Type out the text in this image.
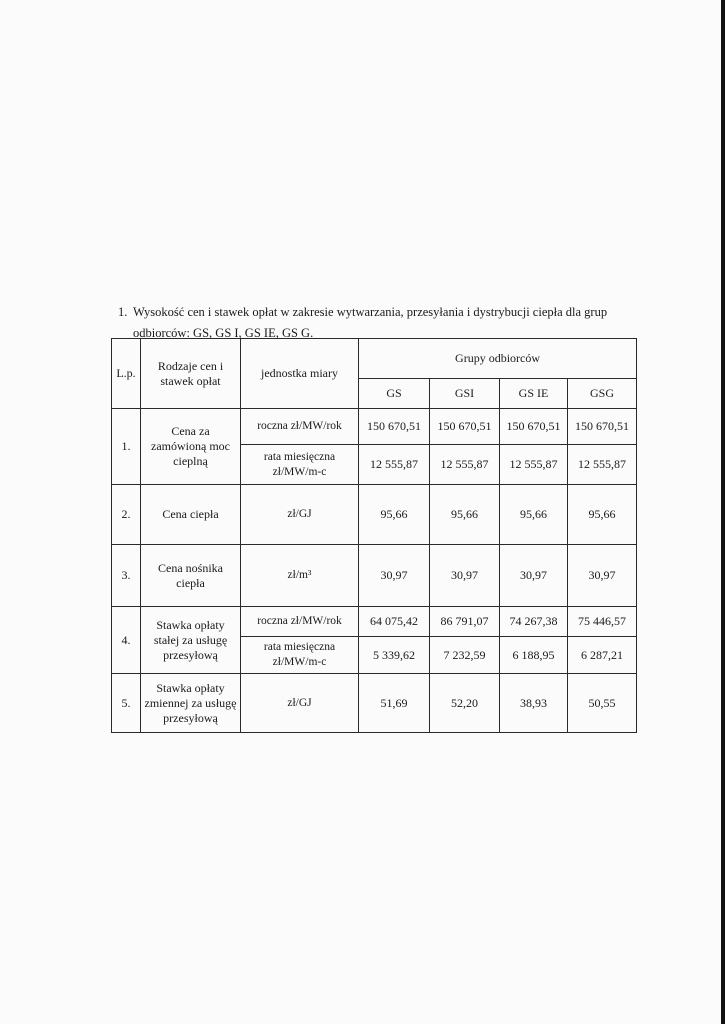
1. Wysokość cen i stawek opłat w zakresie wytwarzania, przesyłania i dystrybucji ciepła dla grup odbiorców: GS, GS I, GS IE, GS G.
L.p.	Rodzaje cen i stawek opłat	jednostka miary	Grupy odbiorców			
			GS	GSI	GS IE	GSG
1.	Cena za zamówioną moc cieplną	roczna zł/MW/rok	150 670,51	150 670,51	150 670,51	150 670,51
		rata miesięczna zł/MW/m-c	12 555,87	12 555,87	12 555,87	12 555,87
2.	Cena ciepła	zł/GJ	95,66	95,66	95,66	95,66
3.	Cena nośnika ciepła	zł/m³	30,97	30,97	30,97	30,97
4.	Stawka opłaty stałej za usługę przesyłową	roczna zł/MW/rok	64 075,42	86 791,07	74 267,38	75 446,57
		rata miesięczna zł/MW/m-c	5 339,62	7 232,59	6 188,95	6 287,21
5.	Stawka opłaty zmiennej za usługę przesyłową	zł/GJ	51,69	52,20	38,93	50,55
